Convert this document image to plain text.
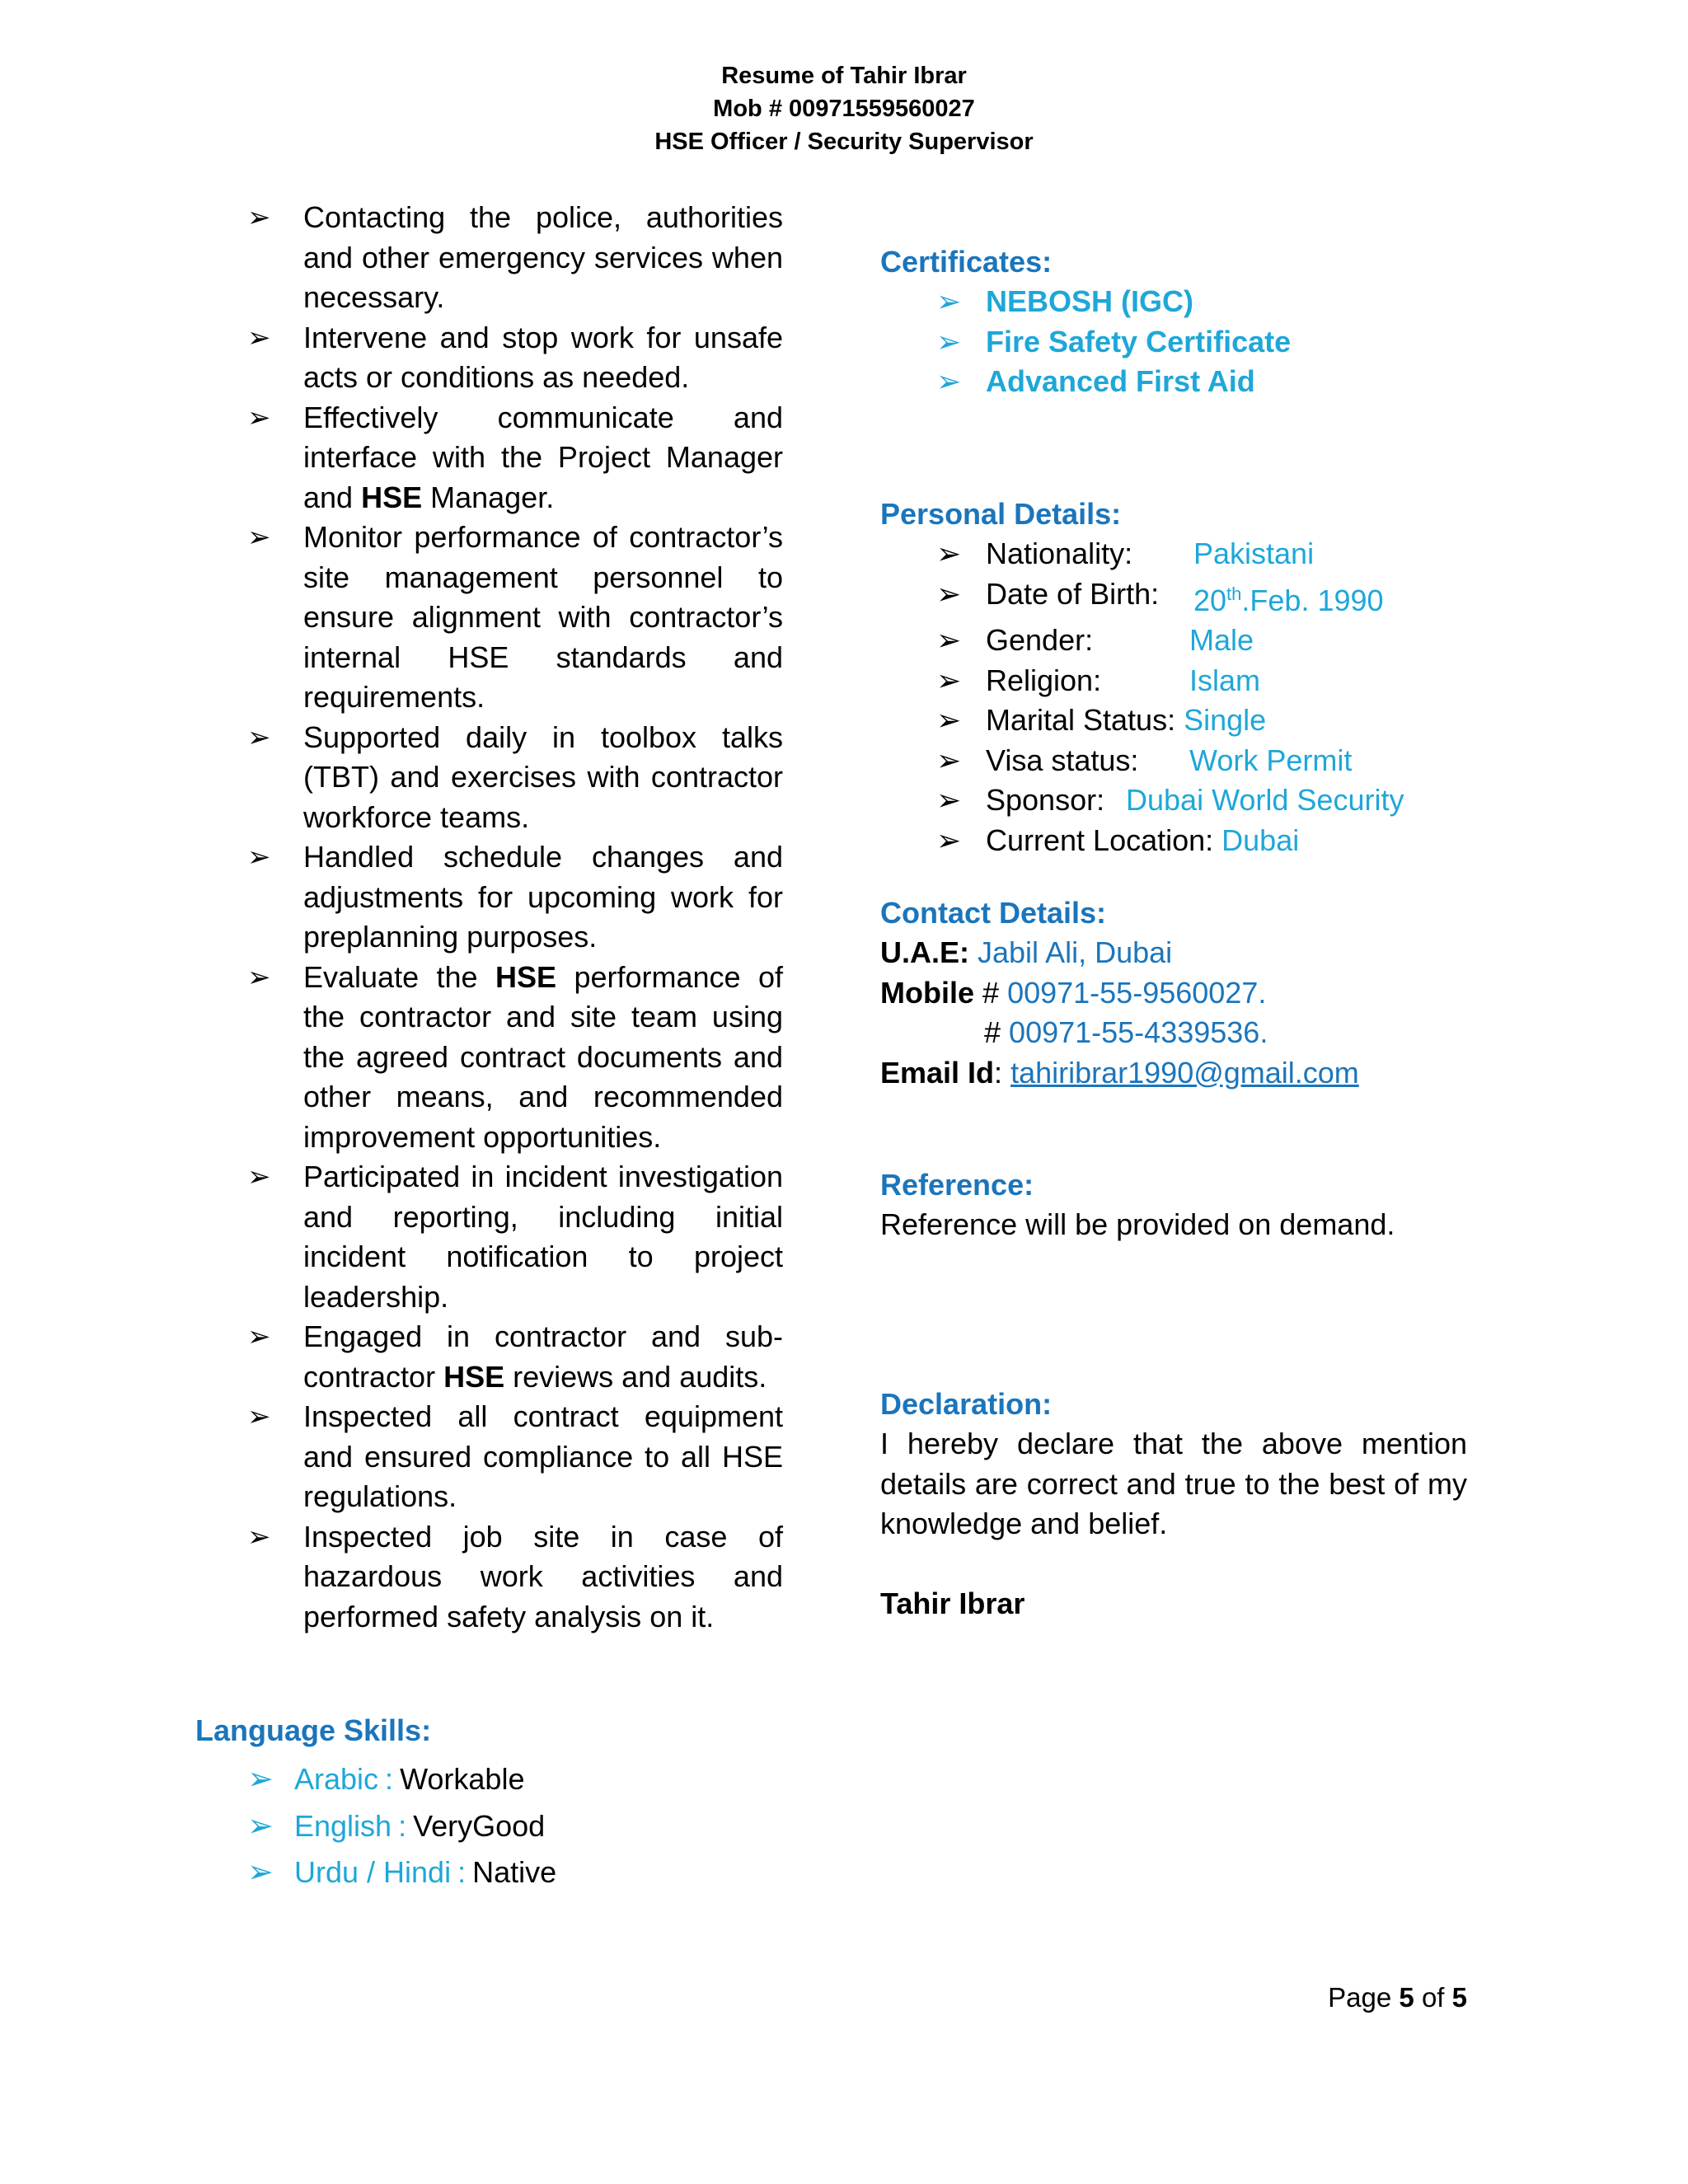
Resume of Tahir Ibrar
Mob # 00971559560027
HSE Officer / Security Supervisor
➢	Contacting the police, authorities and other emergency services when necessary.
➢	Intervene and stop work for unsafe acts or conditions as needed.
➢	Effectively communicate and interface with the Project Manager and HSE Manager.
➢	Monitor performance of contractor’s site management personnel to ensure alignment with contractor’s internal HSE standards and requirements.
➢	Supported daily in toolbox talks (TBT) and exercises with contractor workforce teams.
➢	Handled schedule changes and adjustments for upcoming work for preplanning purposes.
➢	Evaluate the HSE performance of the contractor and site team using the agreed contract documents and other means, and recommended improvement opportunities.
➢	Participated in incident investigation and reporting, including initial incident notification to project leadership.
➢	Engaged in contractor and sub-contractor HSE reviews and audits.
➢	Inspected all contract equipment and ensured compliance to all HSE regulations.
➢	Inspected job site in case of hazardous work activities and performed safety analysis on it.
Language Skills:
➢ Arabic : Workable
➢ English : VeryGood
➢ Urdu / Hindi : Native
Certificates:
➢ NEBOSH (IGC)
➢ Fire Safety Certificate
➢ Advanced First Aid
Personal Details:
➢ Nationality:	Pakistani
➢ Date of Birth:	20th.Feb. 1990
➢ Gender:	Male
➢ Religion:	Islam
➢ Marital Status: Single
➢ Visa status:	Work Permit
➢ Sponsor: Dubai World Security
➢ Current Location: Dubai
Contact Details:
U.A.E: Jabil Ali, Dubai
Mobile # 00971-55-9560027.
# 00971-55-4339536.
Email Id: tahiribrar1990@gmail.com
Reference:
Reference will be provided on demand.
Declaration:
I hereby declare that the above mention details are correct and true to the best of my knowledge and belief.
Tahir Ibrar
Page 5 of 5
